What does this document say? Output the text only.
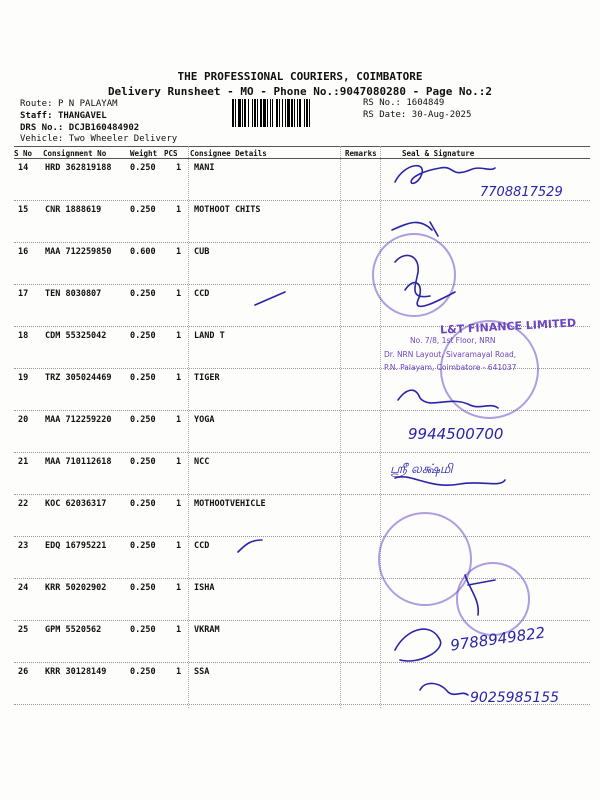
THE PROFESSIONAL COURIERS, COIMBATORE
Delivery Runsheet - MO - Phone No.:9047080280 - Page No.:2
Route: P N PALAYAM
Staff: THANGAVEL
DRS No.: DCJB160484902
Vehicle: Two Wheeler Delivery
RS No.: 1604849
RS Date: 30-Aug-2025
S No Consignment No	Weight PCS Consignee Details	Remarks	Seal & Signature
14 HRD 362819188 0.250 1 MANI
15 CNR 1888619	0.250 1 MOTHOOT CHITS
16 MAA 712259850 0.600 1 CUB
17 TEN 8030807	0.250 1 CCD
18 CDM 55325042	0.250 1 LAND T
19 TRZ 305024469 0.250 1 TIGER
20 MAA 712259220 0.250 1 YOGA
21 MAA 710112618 0.250 1 NCC
22 KOC 62036317	0.250 1 MOTHOOTVEHICLE
23 EDQ 16795221	0.250 1 CCD
24 KRR 50202902	0.250 1 ISHA
25 GPM 5520562	0.250 1 VKRAM
26 KRR 30128149	0.250 1 SSA
L&T FINANCE LIMITED
No. 7/8, 1st Floor, NRN
Dr. NRN Layout, Sivaramayal Road,
P.N. Palayam, Coimbatore - 641037
7708817529
9944500700
ஸ்ரீ லக்ஷ்மி
9788949822
9025985155
